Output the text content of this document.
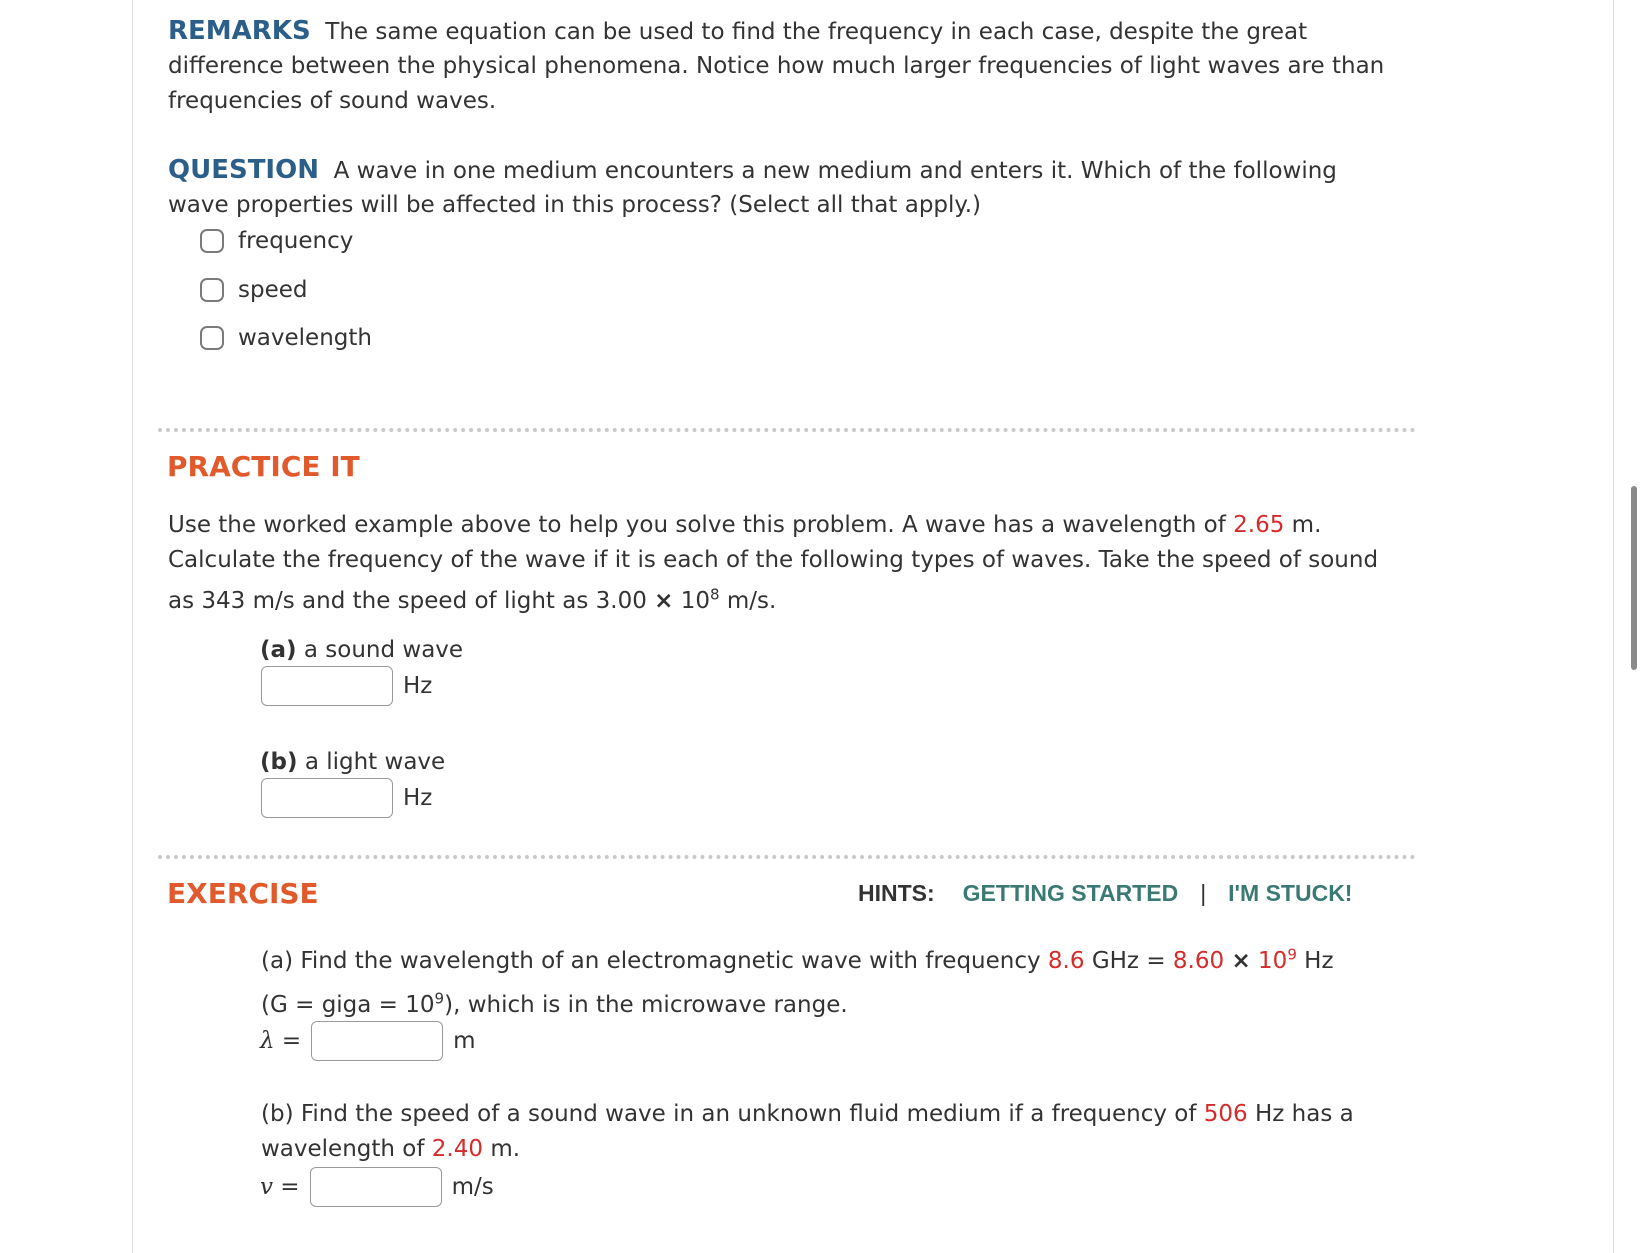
REMARKS The same equation can be used to find the frequency in each case, despite the great

difference between the physical phenomena. Notice how much larger frequencies of light waves are than

frequencies of sound waves.

QUESTION A wave in one medium encounters a new medium and enters it. Which of the following

wave properties will be affected in this process? (Select all that apply.)

frequency
speed
wavelength
PRACTICE IT

Use the worked example above to help you solve this problem. A wave has a wavelength of 2.65 m.

Calculate the frequency of the wave if it is each of the following types of waves. Take the speed of sound

as 343 m/s and the speed of light as $3.00 \times 10^8$ m/s.

(a) a sound wave

Hz

(b) a light wave

Hz
EXERCISE	HINTS: GETTING STARTED | I'M STUCK!

(a) Find the wavelength of an electromagnetic wave with frequency 8.6 GHz = $8.60 \times 10^9$ Hz

(G = giga = $10^9$), which is in the microwave range.

λ =	m

(b) Find the speed of a sound wave in an unknown fluid medium if a frequency of 506 Hz has a

wavelength of 2.40 m.

v =	m/s
